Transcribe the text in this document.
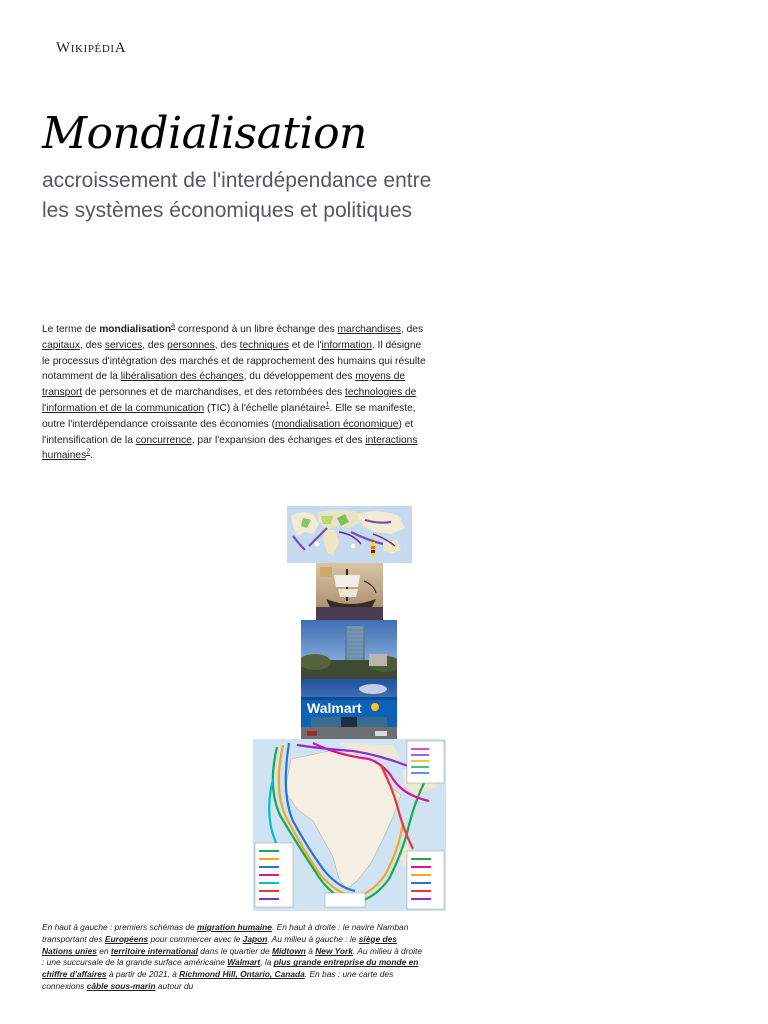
WikipédiA
Mondialisation

accroissement de l'interdépendance entre les systèmes économiques et politiques

Le terme de mondialisation$^a$ correspond à un libre échange des marchandises, des capitaux, des services, des personnes, des techniques et de l'information. Il désigne le processus d'intégration des marchés et de rapprochement des humains qui résulte notamment de la libéralisation des échanges, du développement des moyens de transport de personnes et de marchandises, et des retombées des technologies de l'information et de la communication (TIC) à l'échelle planétaire$^1$. Elle se manifeste, outre l'interdépendance croissante des économies (mondialisation économique) et l'intensification de la concurrence, par l'expansion des échanges et des interactions humaines$^2$.

Walmart

En haut à gauche : premiers schémas de migration humaine. En haut à droite : le navire Namban transportant des Européens pour commercer avec le Japon. Au milieu à gauche : le siège des Nations unies en territoire international dans le quartier de Midtown à New York. Au milieu à droite : une succursale de la grande surface américaine Walmart, la plus grande entreprise du monde en chiffre d'affaires à partir de 2021, à Richmond Hill, Ontario, Canada. En bas : une carte des connexions câble sous-marin autour du
